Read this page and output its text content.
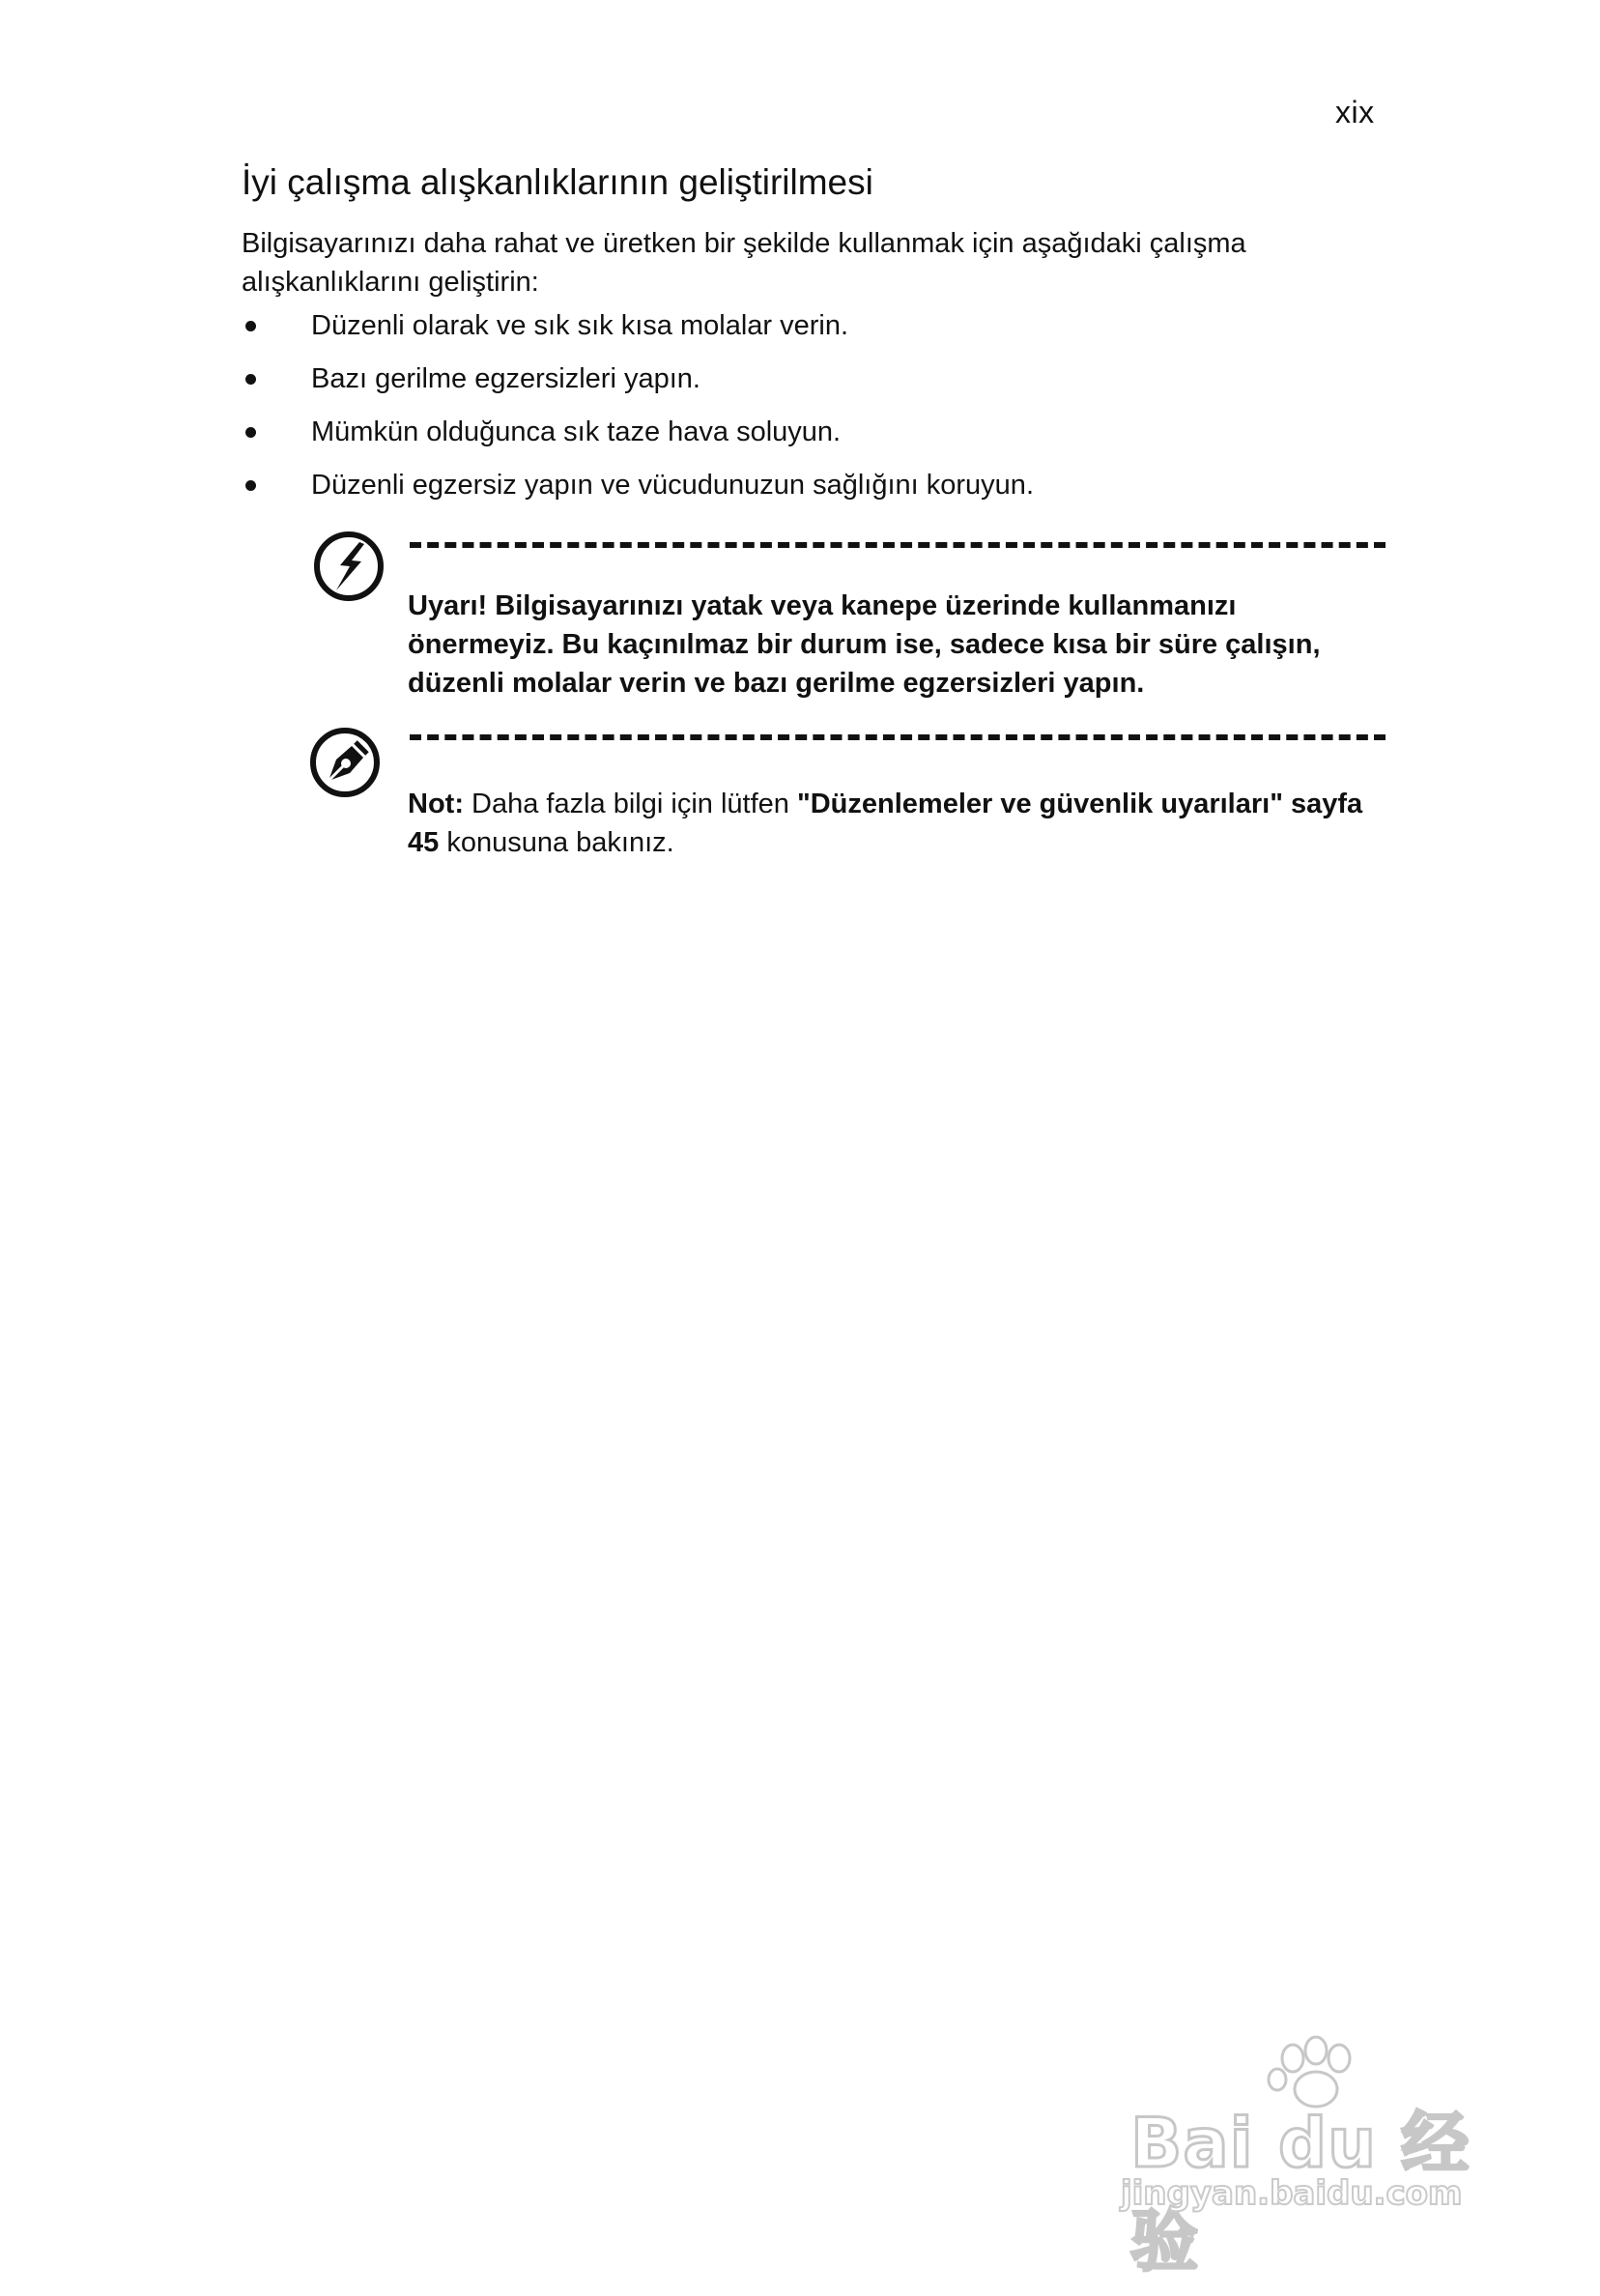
xix
İyi çalışma alışkanlıklarının geliştirilmesi

Bilgisayarınızı daha rahat ve üretken bir şekilde kullanmak için aşağıdaki çalışma alışkanlıklarını geliştirin:

Düzenli olarak ve sık sık kısa molalar verin.
Bazı gerilme egzersizleri yapın.
Mümkün olduğunca sık taze hava soluyun.
Düzenli egzersiz yapın ve vücudunuzun sağlığını koruyun.
Uyarı! Bilgisayarınızı yatak veya kanepe üzerinde kullanmanızı önermeyiz. Bu kaçınılmaz bir durum ise, sadece kısa bir süre çalışın, düzenli molalar verin ve bazı gerilme egzersizleri yapın.
Not: Daha fazla bilgi için lütfen "Düzenlemeler ve güvenlik uyarıları" sayfa 45 konusuna bakınız.
Bai du 经验
jingyan.baidu.com
